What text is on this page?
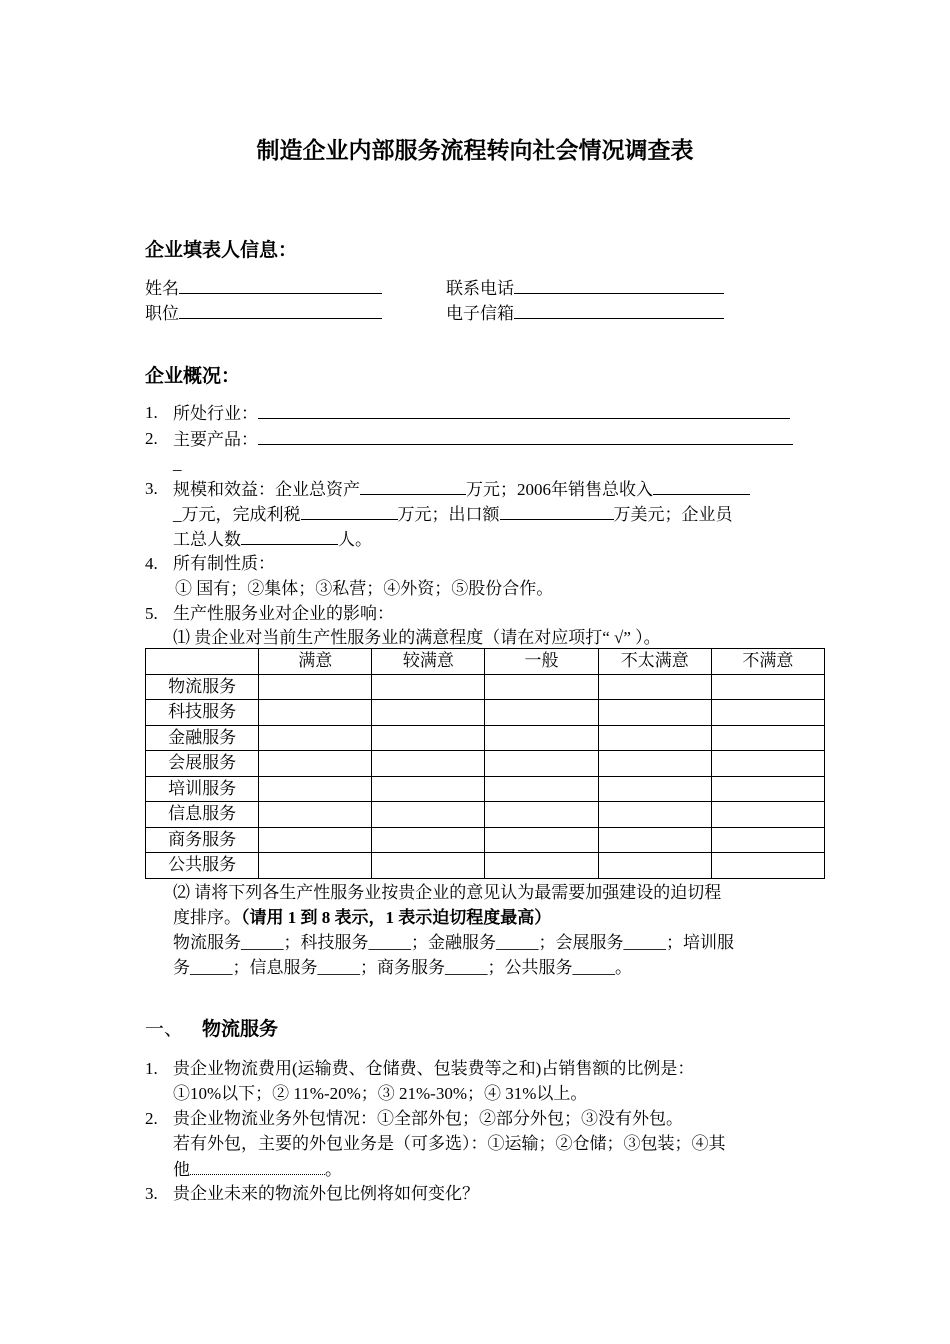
制造企业内部服务流程转向社会情况调查表
企业填表人信息：
姓名	联系电话
职位	电子信箱
企业概况：
1. 所处行业：
2. 主要产品：
_
3. 规模和效益：企业总资产	万元；2006年销售总收入
_万元，完成利税	万元；出口额	万美元；企业员
工总人数	人。
4. 所有制性质：
① 国有；②集体；③私营；④外资；⑤股份合作。
5. 生产性服务业对企业的影响：
⑴ 贵企业对当前生产性服务业的满意程度（请在对应项打“ √” ）。
	满意	较满意	一般	不太满意	不满意
物流服务					
科技服务					
金融服务					
会展服务					
培训服务					
信息服务					
商务服务					
公共服务					
⑵ 请将下列各生产性服务业按贵企业的意见认为最需要加强建设的迫切程
度排序。（请用 1 到 8 表示，1 表示迫切程度最高）
物流服务_____；科技服务_____；金融服务_____；会展服务_____；培训服
务_____；信息服务_____；商务服务_____；公共服务_____。
一、 物流服务
1. 贵企业物流费用(运输费、仓储费、包装费等之和)占销售额的比例是：
①10%以下；② 11%-20%；③ 21%-30%；④ 31%以上。
2. 贵企业物流业务外包情况：①全部外包；②部分外包；③没有外包。
若有外包，主要的外包业务是（可多选）：①运输；②仓储；③包装；④其
他	。
3. 贵企业未来的物流外包比例将如何变化？
